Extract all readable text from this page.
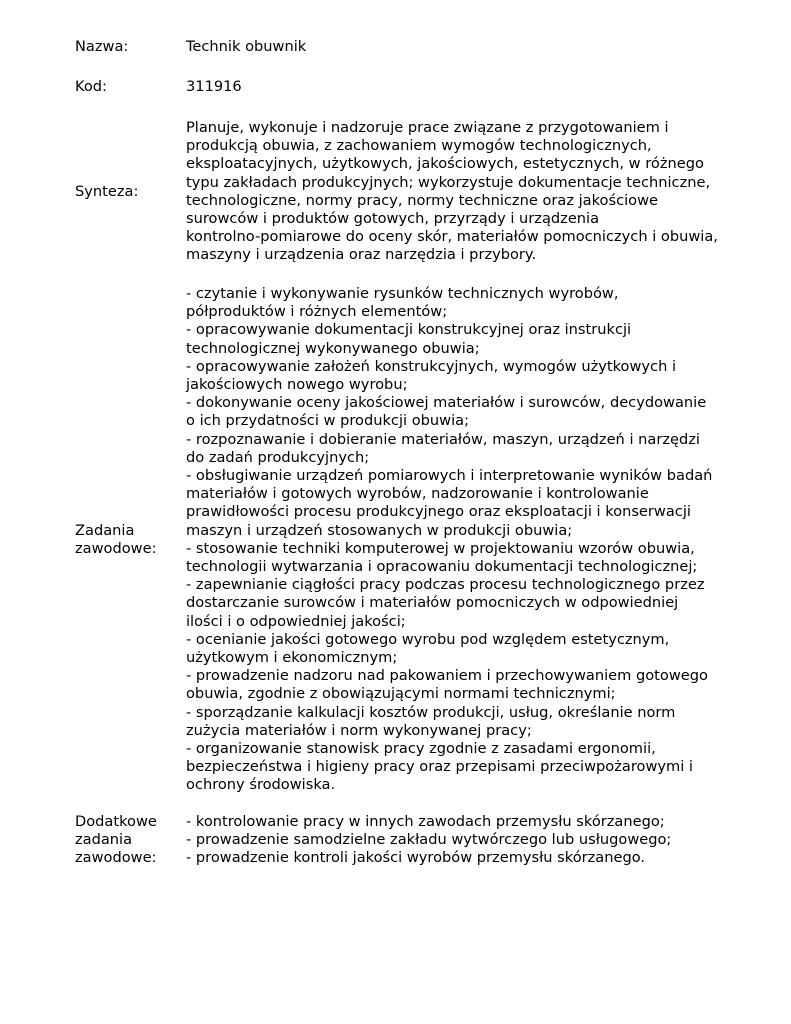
Nazwa:	Technik obuwnik
Kod:	311916
Synteza:
Planuje, wykonuje i nadzoruje prace związane z przygotowaniem i
produkcją obuwia, z zachowaniem wymogów technologicznych,
eksploatacyjnych, użytkowych, jakościowych, estetycznych, w różnego
typu zakładach produkcyjnych; wykorzystuje dokumentacje techniczne,
technologiczne, normy pracy, normy techniczne oraz jakościowe
surowców i produktów gotowych, przyrządy i urządzenia
kontrolno-pomiarowe do oceny skór, materiałów pomocniczych i obuwia,
maszyny i urządzenia oraz narzędzia i przybory.
Zadania
zawodowe:
- czytanie i wykonywanie rysunków technicznych wyrobów,
półproduktów i różnych elementów;
- opracowywanie dokumentacji konstrukcyjnej oraz instrukcji
technologicznej wykonywanego obuwia;
- opracowywanie założeń konstrukcyjnych, wymogów użytkowych i
jakościowych nowego wyrobu;
- dokonywanie oceny jakościowej materiałów i surowców, decydowanie
o ich przydatności w produkcji obuwia;
- rozpoznawanie i dobieranie materiałów, maszyn, urządzeń i narzędzi
do zadań produkcyjnych;
- obsługiwanie urządzeń pomiarowych i interpretowanie wyników badań
materiałów i gotowych wyrobów, nadzorowanie i kontrolowanie
prawidłowości procesu produkcyjnego oraz eksploatacji i konserwacji
maszyn i urządzeń stosowanych w produkcji obuwia;
- stosowanie techniki komputerowej w projektowaniu wzorów obuwia,
technologii wytwarzania i opracowaniu dokumentacji technologicznej;
- zapewnianie ciągłości pracy podczas procesu technologicznego przez
dostarczanie surowców i materiałów pomocniczych w odpowiedniej
ilości i o odpowiedniej jakości;
- ocenianie jakości gotowego wyrobu pod względem estetycznym,
użytkowym i ekonomicznym;
- prowadzenie nadzoru nad pakowaniem i przechowywaniem gotowego
obuwia, zgodnie z obowiązującymi normami technicznymi;
- sporządzanie kalkulacji kosztów produkcji, usług, określanie norm
zużycia materiałów i norm wykonywanej pracy;
- organizowanie stanowisk pracy zgodnie z zasadami ergonomii,
bezpieczeństwa i higieny pracy oraz przepisami przeciwpożarowymi i
ochrony środowiska.
Dodatkowe
zadania
zawodowe:
- kontrolowanie pracy w innych zawodach przemysłu skórzanego;
- prowadzenie samodzielne zakładu wytwórczego lub usługowego;
- prowadzenie kontroli jakości wyrobów przemysłu skórzanego.
